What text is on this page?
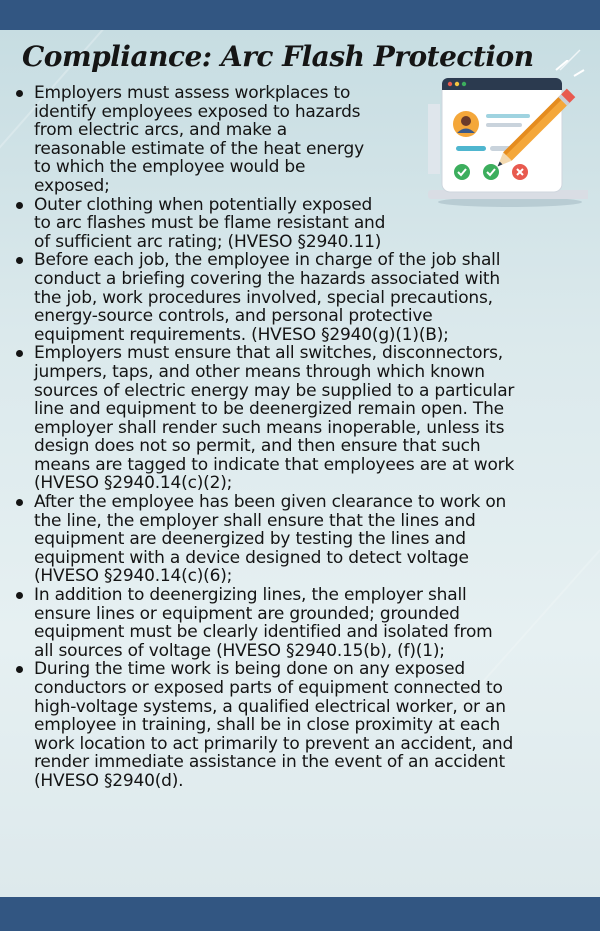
Compliance: Arc Flash Protection
Employers must assess workplaces to
identify employees exposed to hazards
from electric arcs, and make a
reasonable estimate of the heat energy
to which the employee would be
exposed;
Outer clothing when potentially exposed
to arc flashes must be flame resistant and
of sufficient arc rating; (HVESO §2940.11)
Before each job, the employee in charge of the job shall
conduct a briefing covering the hazards associated with
the job, work procedures involved, special precautions,
energy-source controls, and personal protective
equipment requirements. (HVESO §2940(g)(1)(B);
Employers must ensure that all switches, disconnectors,
jumpers, taps, and other means through which known
sources of electric energy may be supplied to a particular
line and equipment to be deenergized remain open. The
employer shall render such means inoperable, unless its
design does not so permit, and then ensure that such
means are tagged to indicate that employees are at work
(HVESO §2940.14(c)(2);
After the employee has been given clearance to work on
the line, the employer shall ensure that the lines and
equipment are deenergized by testing the lines and
equipment with a device designed to detect voltage
(HVESO §2940.14(c)(6);
In addition to deenergizing lines, the employer shall
ensure lines or equipment are grounded; grounded
equipment must be clearly identified and isolated from
all sources of voltage (HVESO §2940.15(b), (f)(1);
During the time work is being done on any exposed
conductors or exposed parts of equipment connected to
high-voltage systems, a qualified electrical worker, or an
employee in training, shall be in close proximity at each
work location to act primarily to prevent an accident, and
render immediate assistance in the event of an accident
(HVESO §2940(d).
